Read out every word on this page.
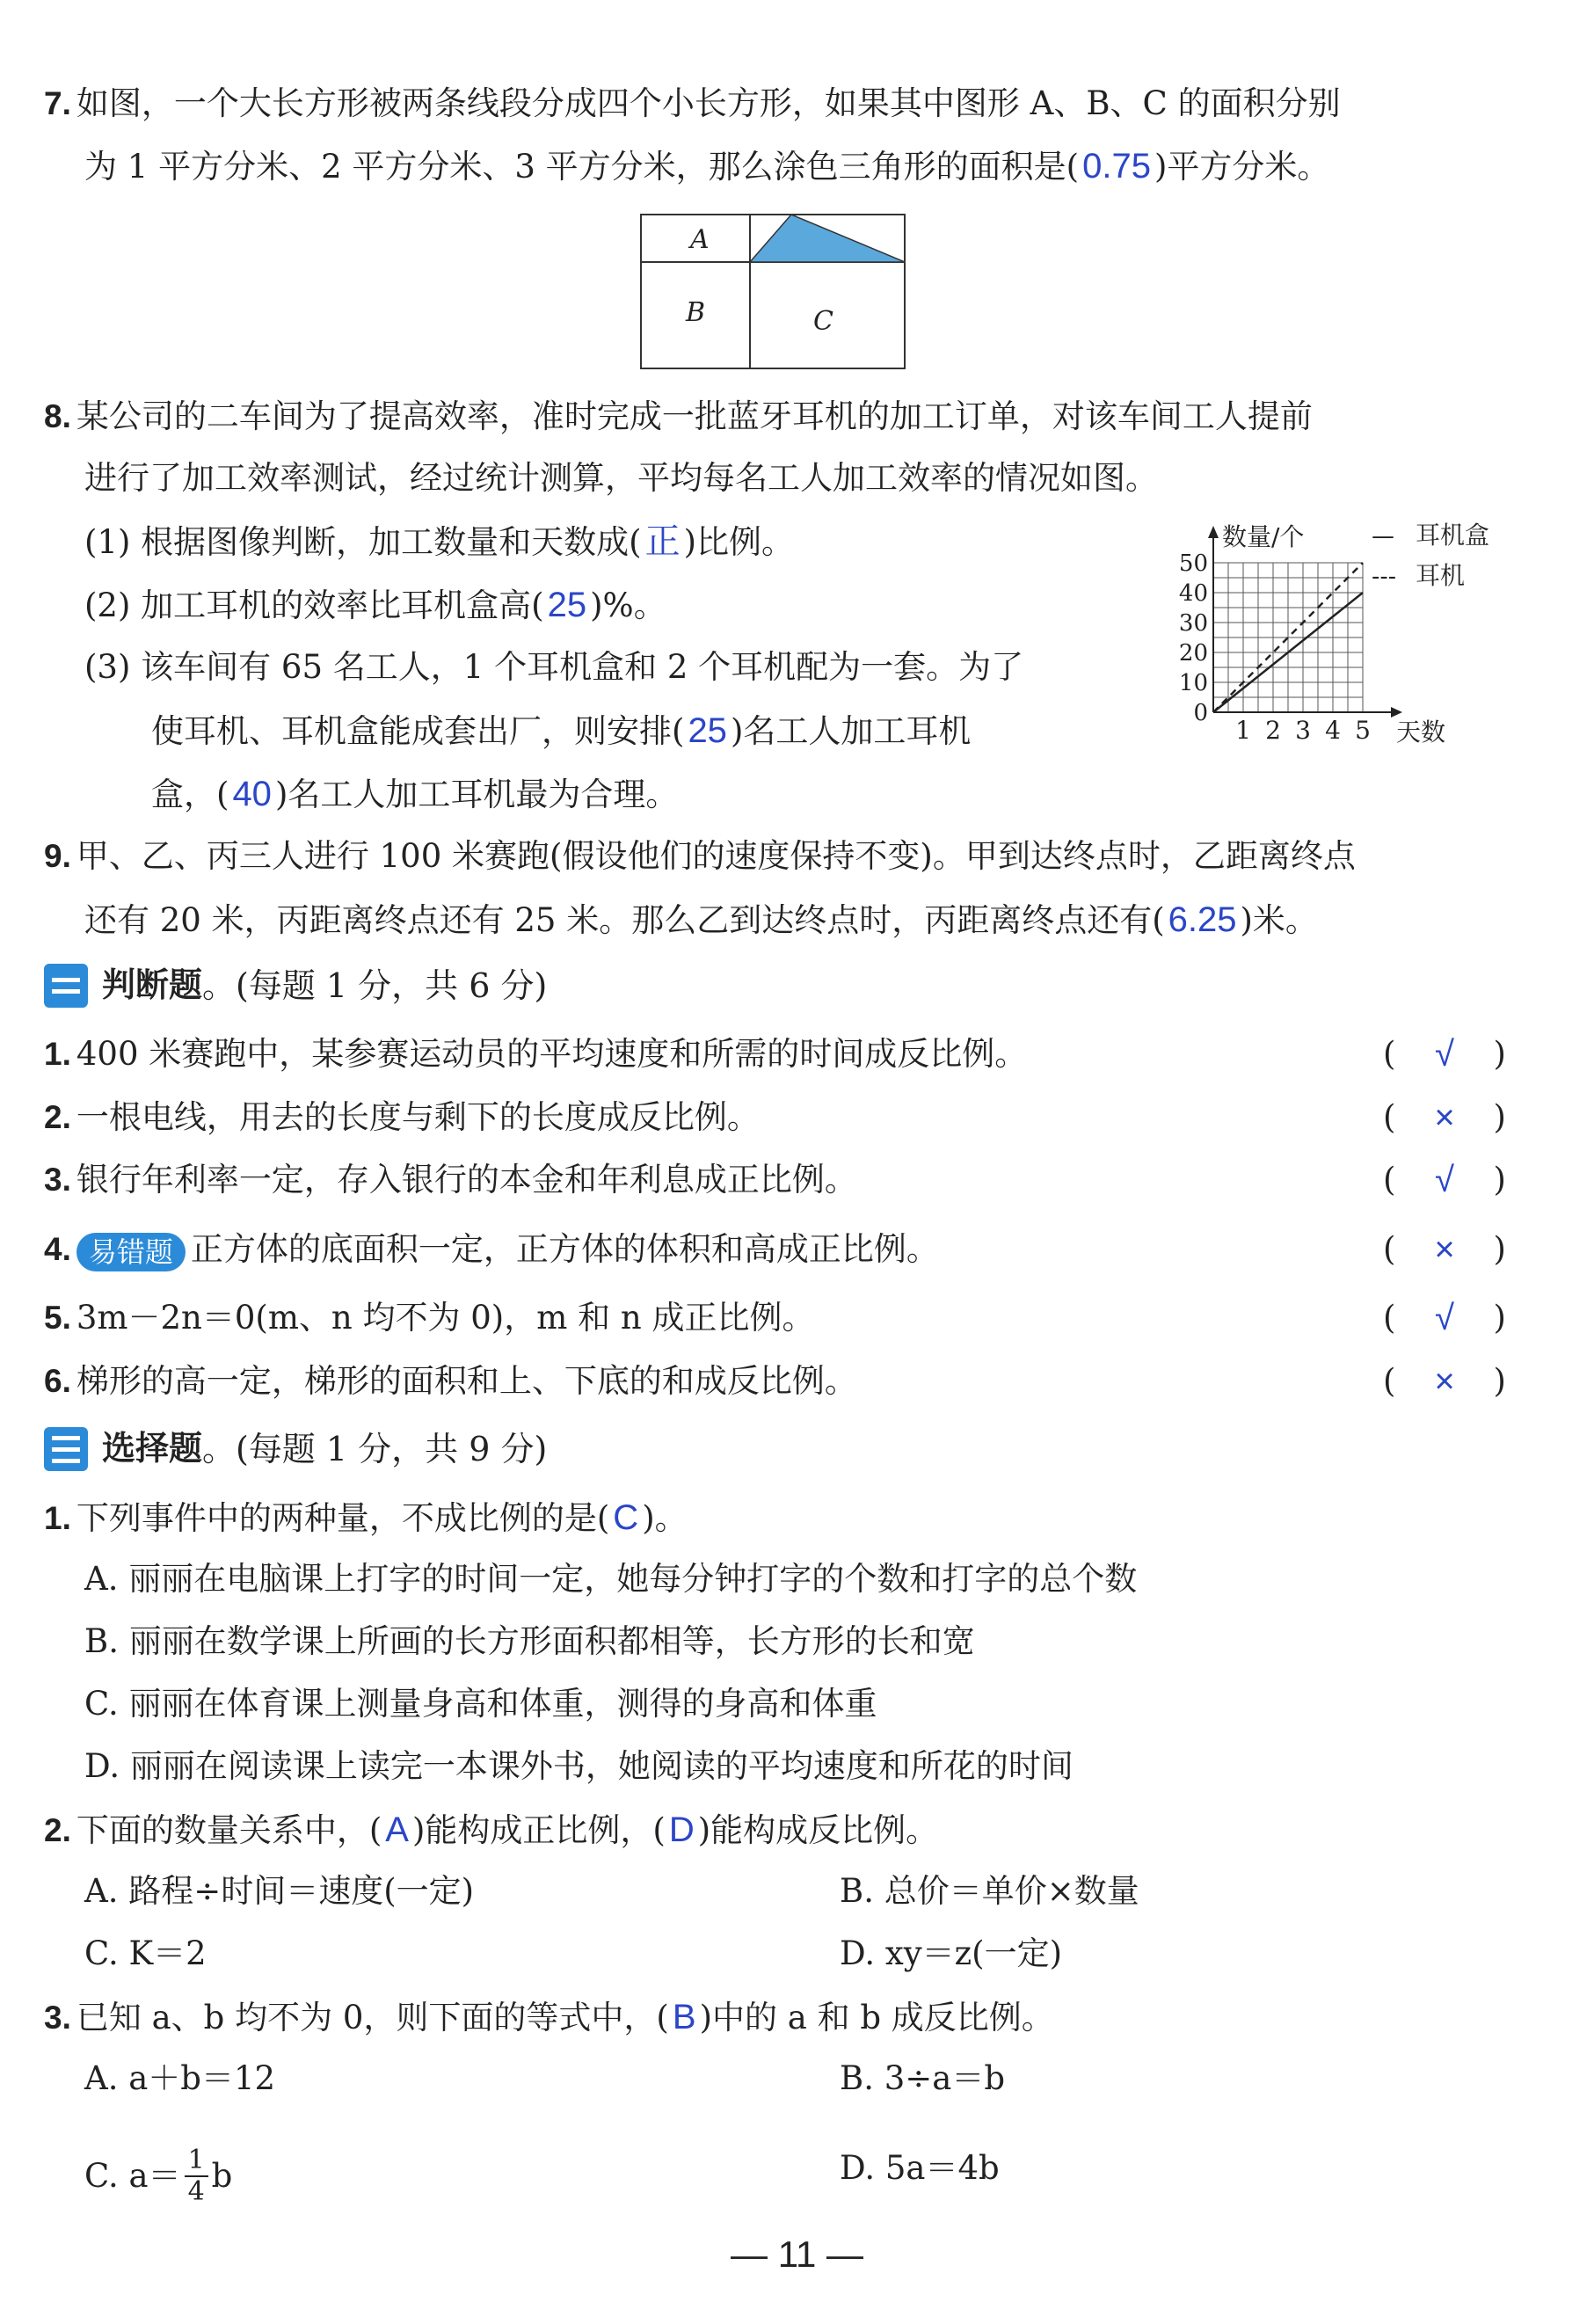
7. 如图，一个大长方形被两条线段分成四个小长方形，如果其中图形 A、B、C 的面积分别
为 1 平方分米、2 平方分米、3 平方分米，那么涂色三角形的面积是( 0.75 )平方分米。
A
B	C
8. 某公司的二车间为了提高效率，准时完成一批蓝牙耳机的加工订单，对该车间工人提前
进行了加工效率测试，经过统计测算，平均每名工人加工效率的情况如图。
(1) 根据图像判断，加工数量和天数成( 正 )比例。
(2) 加工耳机的效率比耳机盒高( 25 )%。
(3) 该车间有 65 名工人，1 个耳机盒和 2 个耳机配为一套。为了
使耳机、耳机盒能成套出厂，则安排( 25 )名工人加工耳机
盒，( 40 )名工人加工耳机最为合理。
1 2 3 4 5
0
10
20
30
40
50
数量/个
天数
— 耳机盒
--- 耳机
9. 甲、乙、丙三人进行 100 米赛跑(假设他们的速度保持不变)。甲到达终点时，乙距离终点
还有 20 米，丙距离终点还有 25 米。那么乙到达终点时，丙距离终点还有( 6.25 )米。
判断题 。(每题 1 分，共 6 分)
1. 400 米赛跑中，某参赛运动员的平均速度和所需的时间成反比例。	( √ )
2. 一根电线，用去的长度与剩下的长度成反比例。	( × )
3. 银行年利率一定，存入银行的本金和年利息成正比例。	( √ )
4. 易错题 正方体的底面积一定，正方体的体积和高成正比例。	( × )
5. 3m－2n＝0(m、n 均不为 0)，m 和 n 成正比例。	( √ )
6. 梯形的高一定，梯形的面积和上、下底的和成反比例。	( × )
选择题 。(每题 1 分，共 9 分)
1. 下列事件中的两种量，不成比例的是( C )。
A. 丽丽在电脑课上打字的时间一定，她每分钟打字的个数和打字的总个数
B. 丽丽在数学课上所画的长方形面积都相等，长方形的长和宽
C. 丽丽在体育课上测量身高和体重，测得的身高和体重
D. 丽丽在阅读课上读完一本课外书，她阅读的平均速度和所花的时间
2. 下面的数量关系中，( A )能构成正比例，( D )能构成反比例。
A. 路程÷时间＝速度(一定)	B. 总价＝单价×数量
C. K＝2	D. xy＝z(一定)
3. 已知 a、b 均不为 0，则下面的等式中，( B )中的 a 和 b 成反比例。
A. a＋b＝12	B. 3÷a＝b
C. $a= \frac{1}{4}$ b	D. 5a＝4b
— 11 —
